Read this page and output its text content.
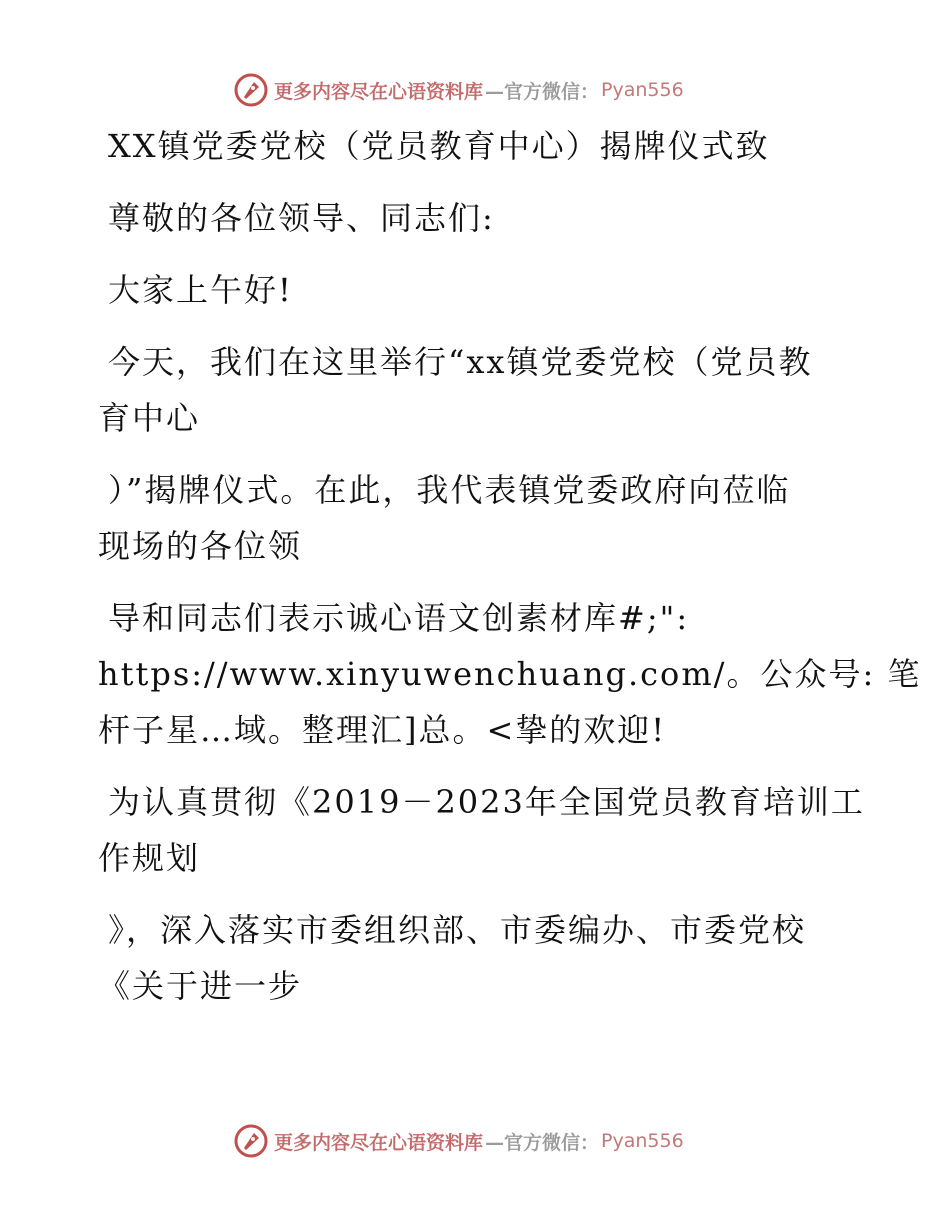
更多内容尽在心语资料库 —官方微信： Pyan556
XX镇党委党校（党员教育中心）揭牌仪式致
尊敬的各位领导、同志们:
大家上午好!
今天，我们在这里举行“xx镇党委党校（党员教
育中心
）”揭牌仪式。在此，我代表镇党委政府向莅临
现场的各位领
导和同志们表示诚心语文创素材库#;":
https://www.xinyuwenchuang.com/。公众号: 笔
杆子星…域。整理汇]总。<挚的欢迎!
为认真贯彻《2019－2023年全国党员教育培训工
作规划
》，深入落实市委组织部、市委编办、市委党校
《关于进一步
更多内容尽在心语资料库 —官方微信： Pyan556
